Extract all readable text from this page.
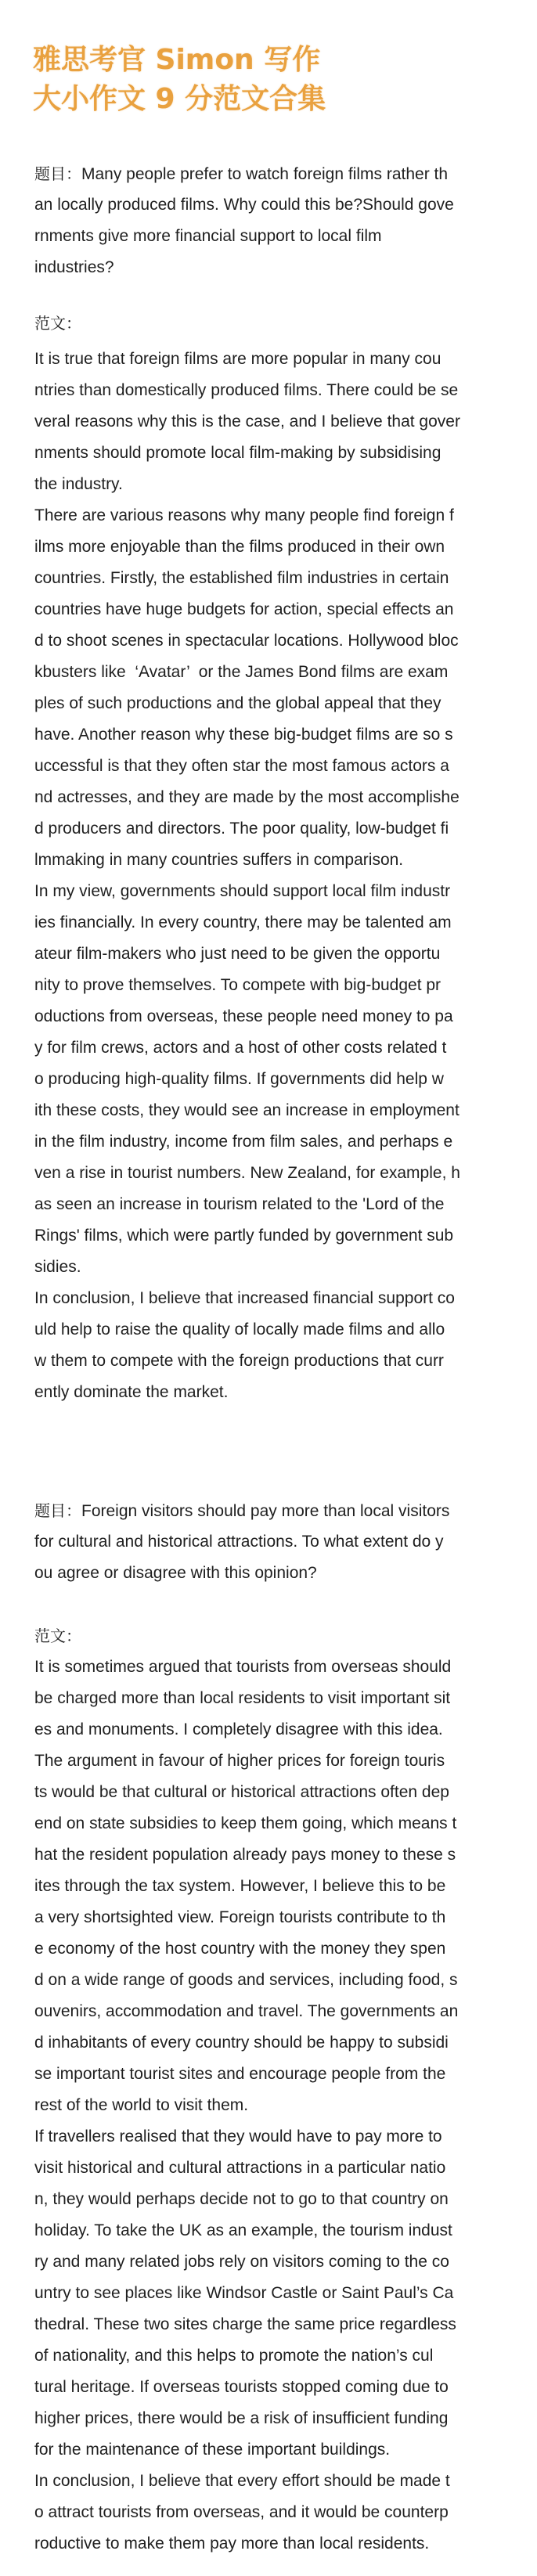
雅思考官 Simon 写作
大小作文 9 分范文合集
题目：Many people prefer to watch foreign films rather th
an locally produced films. Why could this be?Should gove
rnments give more financial support to local film
industries?
范文：
It is true that foreign films are more popular in many cou
ntries than domestically produced films. There could be se
veral reasons why this is the case, and I believe that gover
nments should promote local film-making by subsidising
the industry.
There are various reasons why many people find foreign f
ilms more enjoyable than the films produced in their own
countries. Firstly, the established film industries in certain
countries have huge budgets for action, special effects an
d to shoot scenes in spectacular locations. Hollywood bloc
kbusters like  ‘Avatar’  or the James Bond films are exam
ples of such productions and the global appeal that they
have. Another reason why these big-budget films are so s
uccessful is that they often star the most famous actors a
nd actresses, and they are made by the most accomplishe
d producers and directors. The poor quality, low-budget fi
lmmaking in many countries suffers in comparison.
In my view, governments should support local film industr
ies financially. In every country, there may be talented am
ateur film-makers who just need to be given the opportu
nity to prove themselves. To compete with big-budget pr
oductions from overseas, these people need money to pa
y for film crews, actors and a host of other costs related t
o producing high-quality films. If governments did help w
ith these costs, they would see an increase in employment
in the film industry, income from film sales, and perhaps e
ven a rise in tourist numbers. New Zealand, for example, h
as seen an increase in tourism related to the 'Lord of the
Rings' films, which were partly funded by government sub
sidies.
In conclusion, I believe that increased financial support co
uld help to raise the quality of locally made films and allo
w them to compete with the foreign productions that curr
ently dominate the market.
题目：Foreign visitors should pay more than local visitors
for cultural and historical attractions. To what extent do y
ou agree or disagree with this opinion?
范文：
It is sometimes argued that tourists from overseas should
be charged more than local residents to visit important sit
es and monuments. I completely disagree with this idea.
The argument in favour of higher prices for foreign touris
ts would be that cultural or historical attractions often dep
end on state subsidies to keep them going, which means t
hat the resident population already pays money to these s
ites through the tax system. However, I believe this to be
a very shortsighted view. Foreign tourists contribute to th
e economy of the host country with the money they spen
d on a wide range of goods and services, including food, s
ouvenirs, accommodation and travel. The governments an
d inhabitants of every country should be happy to subsidi
se important tourist sites and encourage people from the
rest of the world to visit them.
If travellers realised that they would have to pay more to
visit historical and cultural attractions in a particular natio
n, they would perhaps decide not to go to that country on
holiday. To take the UK as an example, the tourism indust
ry and many related jobs rely on visitors coming to the co
untry to see places like Windsor Castle or Saint Paul’s Ca
thedral. These two sites charge the same price regardless
of nationality, and this helps to promote the nation’s cul
tural heritage. If overseas tourists stopped coming due to
higher prices, there would be a risk of insufficient funding
for the maintenance of these important buildings.
In conclusion, I believe that every effort should be made t
o attract tourists from overseas, and it would be counterp
roductive to make them pay more than local residents.
